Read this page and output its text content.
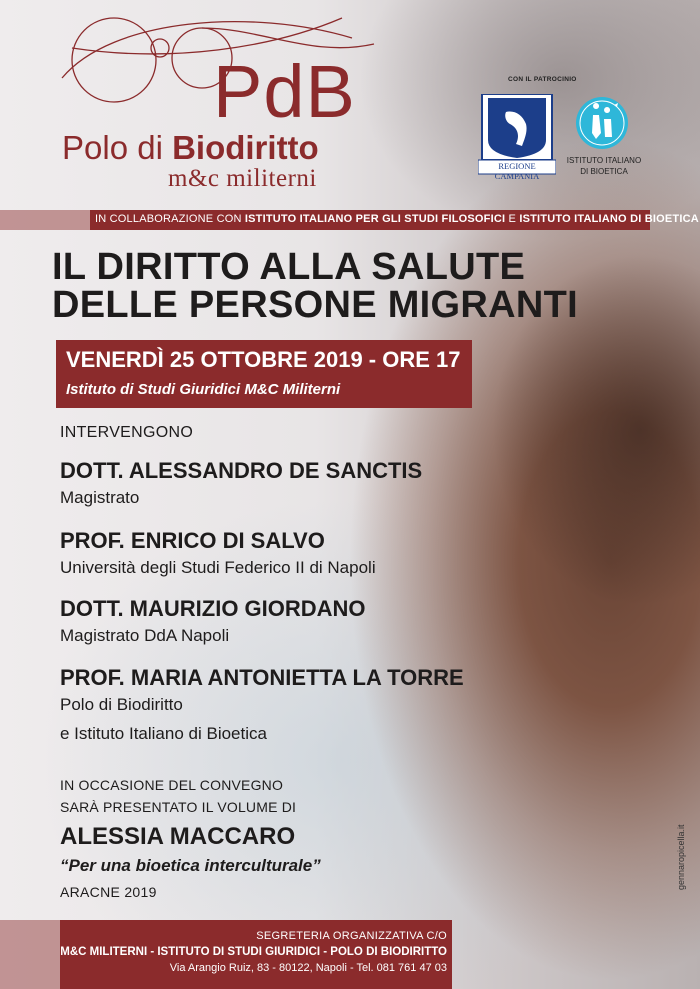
PdB
Polo di Biodiritto
m&c militerni
CON IL PATROCINIO
REGIONE CAMPANIA
ISTITUTO ITALIANO
DI BIOETICA
IN COLLABORAZIONE CON ISTITUTO ITALIANO PER GLI STUDI FILOSOFICI E ISTITUTO ITALIANO DI BIOETICA
IL DIRITTO ALLA SALUTE
DELLE PERSONE MIGRANTI
VENERDÌ 25 OTTOBRE 2019 - ORE 17
Istituto di Studi Giuridici M&C Militerni
INTERVENGONO
DOTT. ALESSANDRO DE SANCTIS
Magistrato
PROF. ENRICO DI SALVO
Università degli Studi Federico II di Napoli
DOTT. MAURIZIO GIORDANO
Magistrato DdA Napoli
PROF. MARIA ANTONIETTA LA TORRE
Polo di Biodiritto
e Istituto Italiano di Bioetica
IN OCCASIONE DEL CONVEGNO
SARÀ PRESENTATO IL VOLUME DI
ALESSIA MACCARO
“Per una bioetica interculturale”
ARACNE 2019
SEGRETERIA ORGANIZZATIVA C/O
M&C MILITERNI - ISTITUTO DI STUDI GIURIDICI - POLO DI BIODIRITTO
Via Arangio Ruiz, 83 - 80122, Napoli - Tel. 081 761 47 03
gennaropicella.it
